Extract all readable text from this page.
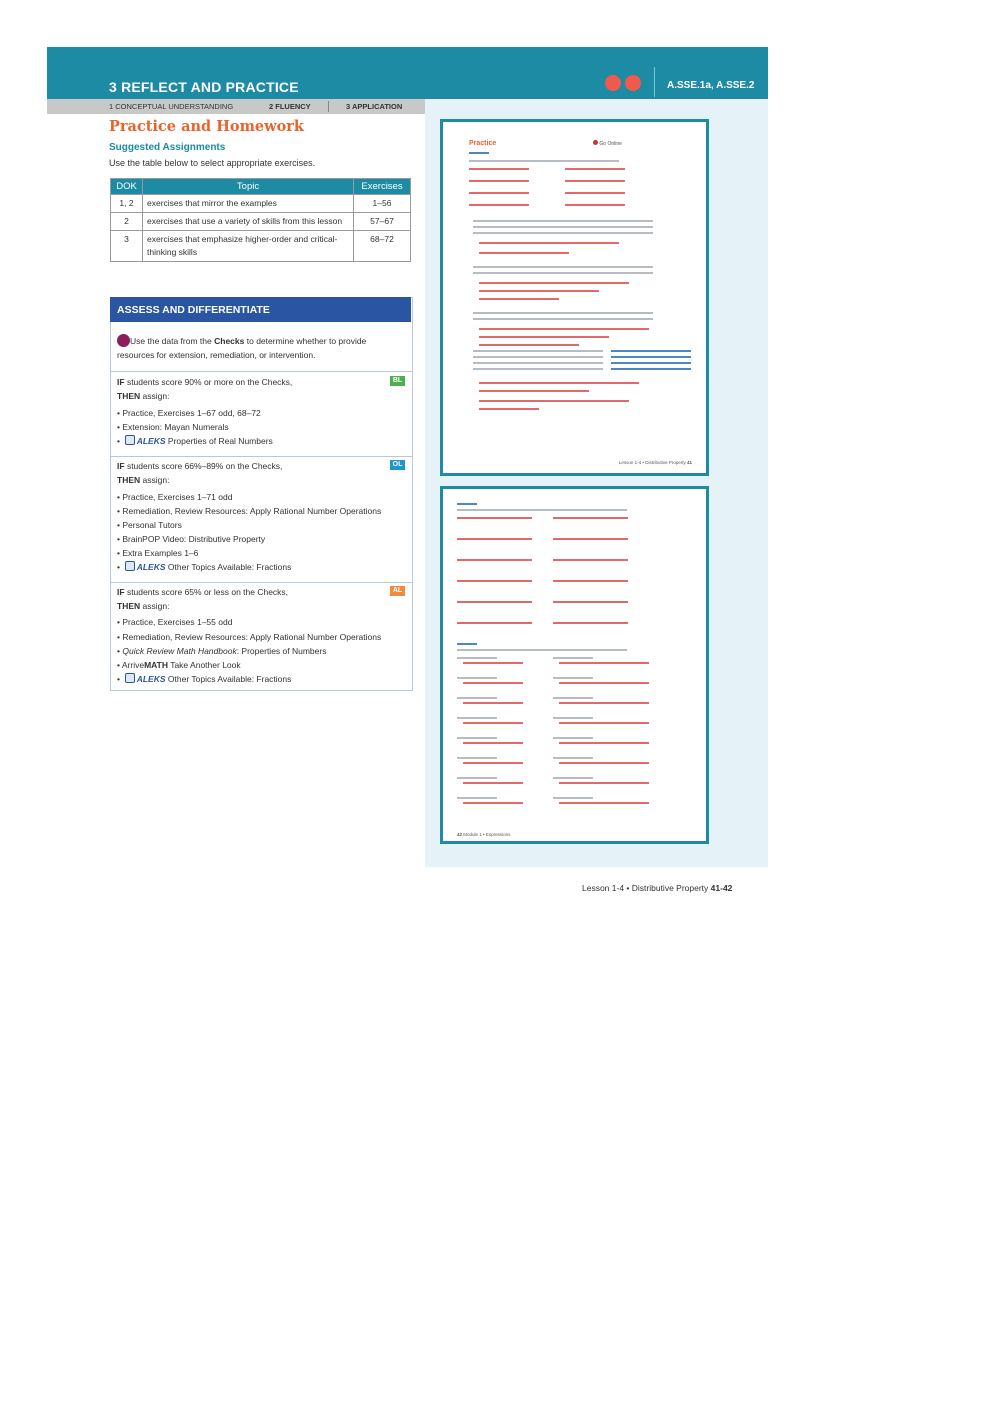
3 REFLECT AND PRACTICE	A.SSE.1a, A.SSE.2
1 CONCEPTUAL UNDERSTANDING	2 FLUENCY	3 APPLICATION
Practice and Homework
Suggested Assignments
Use the table below to select appropriate exercises.
DOK	Topic	Exercises
1, 2	exercises that mirror the examples	1–56
2	exercises that use a variety of skills from this lesson	57–67
3	exercises that emphasize higher-order and critical-thinking skills	68–72
ASSESS AND DIFFERENTIATE
Use the data from the Checks to determine whether to provide
resources for extension, remediation, or intervention.
BL
IF students score 90% or more on the Checks,
THEN assign:
• Practice, Exercises 1–67 odd, 68–72
• Extension: Mayan Numerals
• ALEKS Properties of Real Numbers
OL
IF students score 66%–89% on the Checks,
THEN assign:
• Practice, Exercises 1–71 odd
• Remediation, Review Resources: Apply Rational Number Operations
• Personal Tutors
• BrainPOP Video: Distributive Property
• Extra Examples 1–6
• ALEKS Other Topics Available: Fractions
AL
IF students score 65% or less on the Checks,
THEN assign:
• Practice, Exercises 1–55 odd
• Remediation, Review Resources: Apply Rational Number Operations
• Quick Review Math Handbook: Properties of Numbers
• ArriveMATH Take Another Look
• ALEKS Other Topics Available: Fractions
Practice	Go Online
Lesson 1-4 • Distributive Property 41
42 Module 1 • Expressions
Lesson 1-4 • Distributive Property 41-42
